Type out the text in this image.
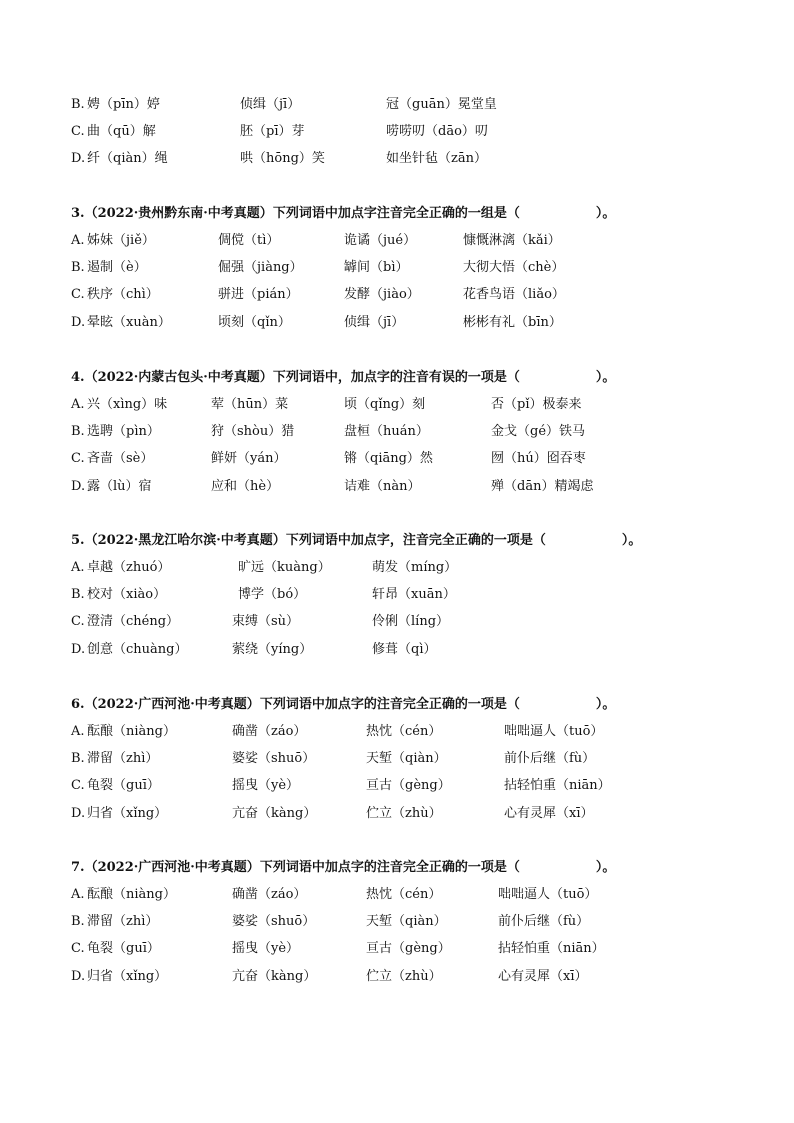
B. 娉（pīn）婷	侦缉（jī）	冠（guān）冕堂皇
C. 曲（qū）解	胚（pī）芽	唠唠叨（dāo）叨
D. 纤（qiàn）绳	哄（hōng）笑	如坐针毡（zān）
3.（2022·贵州黔东南·中考真题）下列词语中加点字注音完全正确的一组是（	）。
A. 姊妹（jiě）	倜傥（tì）	诡谲（jué）	慷慨淋漓（kǎi）
B. 遏制（è）	倔强（jiàng）	罅间（bì）	大彻大悟（chè）
C. 秩序（chì）	骈进（pián）	发酵（jiào）	花香鸟语（liǎo）
D. 晕眩（xuàn）	顷刻（qǐn）	侦缉（jī）	彬彬有礼（bīn）
4.（2022·内蒙古包头·中考真题）下列词语中，加点字的注音有误的一项是（	）。
A. 兴（xìng）味	荤（hūn）菜	顷（qǐng）刻	否（pǐ）极泰来
B. 选聘（pìn）	狩（shòu）猎	盘桓（huán）	金戈（gé）铁马
C. 吝啬（sè）	鲜妍（yán）	锵（qiāng）然	囫（hú）囵吞枣
D. 露（lù）宿	应和（hè）	诘难（nàn）	殚（dān）精竭虑
5.（2022·黑龙江哈尔滨·中考真题）下列词语中加点字，注音完全正确的一项是（	）。
A. 卓越（zhuó）	旷远（kuàng）	萌发（míng）
B. 校对（xiào）	博学（bó）	轩昂（xuān）
C. 澄清（chéng）	束缚（sù）	伶俐（líng）
D. 创意（chuàng）	萦绕（yíng）	修葺（qì）
6.（2022·广西河池·中考真题）下列词语中加点字的注音完全正确的一项是（	）。
A. 酝酿（niàng）	确凿（záo）	热忱（cén）	咄咄逼人（tuō）
B. 滞留（zhì）	婆娑（shuō）	天堑（qiàn）	前仆后继（fù）
C. 龟裂（guī）	摇曳（yè）	亘古（gèng）	拈轻怕重（niān）
D. 归省（xǐng）	亢奋（kàng）	伫立（zhù）	心有灵犀（xī）
7.（2022·广西河池·中考真题）下列词语中加点字的注音完全正确的一项是（	）。
A. 酝酿（niàng）	确凿（záo）	热忱（cén）	咄咄逼人（tuō）
B. 滞留（zhì）	婆娑（shuō）	天堑（qiàn）	前仆后继（fù）
C. 龟裂（guī）	摇曳（yè）	亘古（gèng）	拈轻怕重（niān）
D. 归省（xǐng）	亢奋（kàng）	伫立（zhù）	心有灵犀（xī）
